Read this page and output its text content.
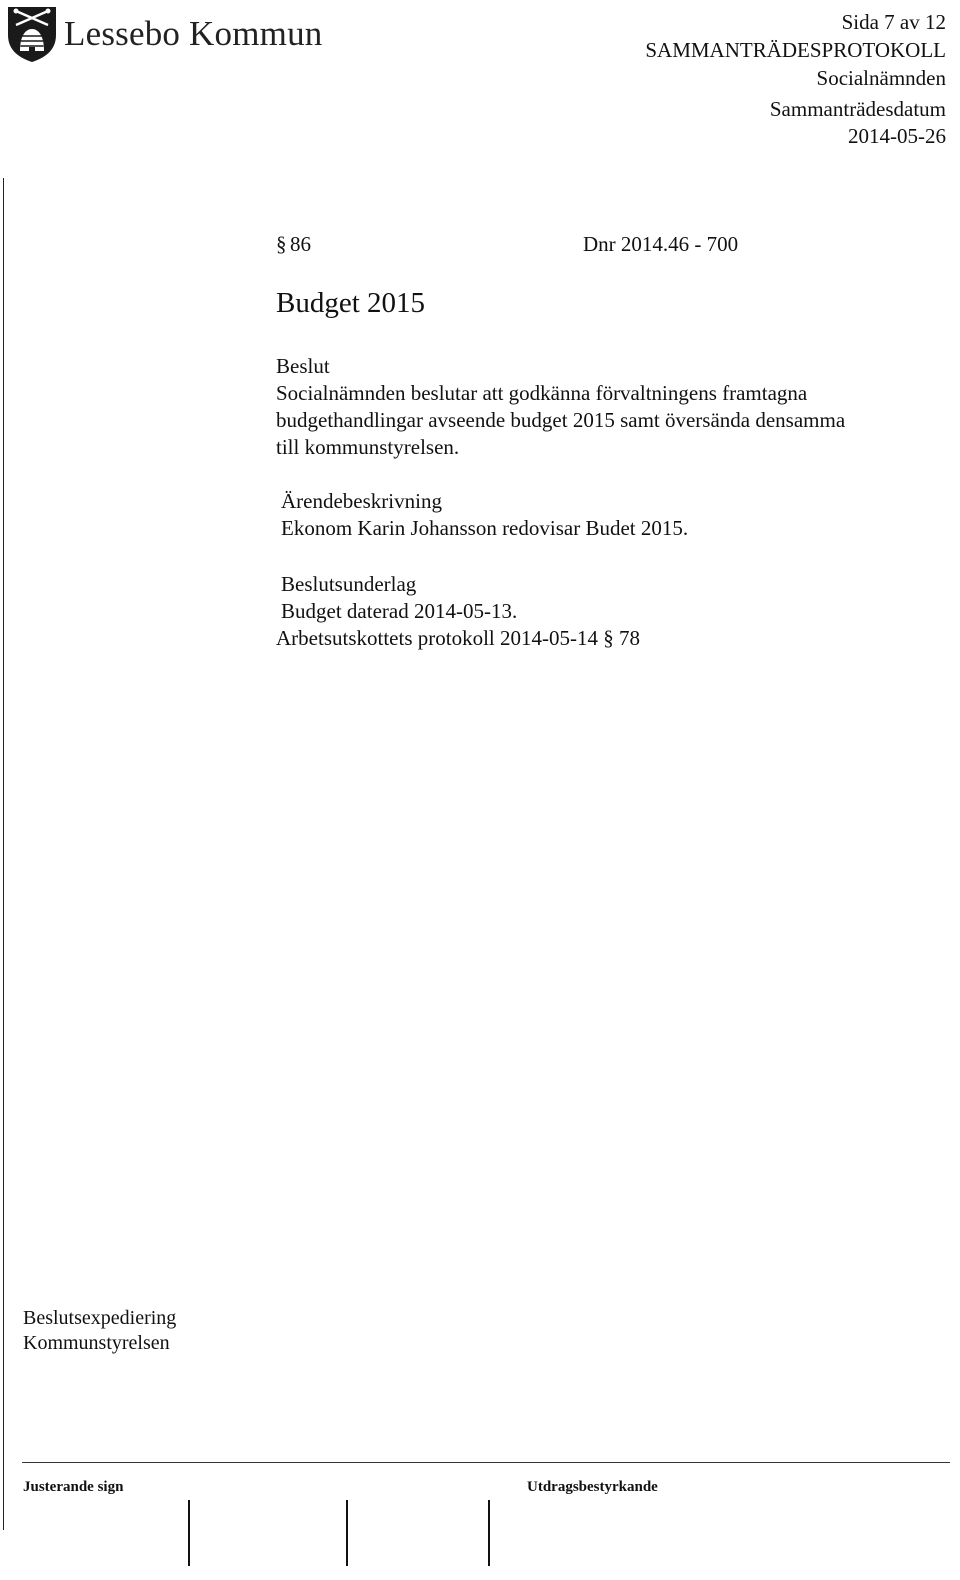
Lessebo Kommun	Sida 7 av 12
SAMMANTRÄDESPROTOKOLL
Socialnämnden
Sammanträdesdatum
2014-05-26
§ 86	Dnr 2014.46 - 700
Budget 2015

Beslut

Socialnämnden beslutar att godkänna förvaltningens framtagna

budgethandlingar avseende budget 2015 samt översända densamma

till kommunstyrelsen.

Ärendebeskrivning

Ekonom Karin Johansson redovisar Budet 2015.

Beslutsunderlag

Budget daterad 2014-05-13.

Arbetsutskottets protokoll 2014-05-14 § 78

Beslutsexpediering

Kommunstyrelsen

Justerande sign	Utdragsbestyrkande
